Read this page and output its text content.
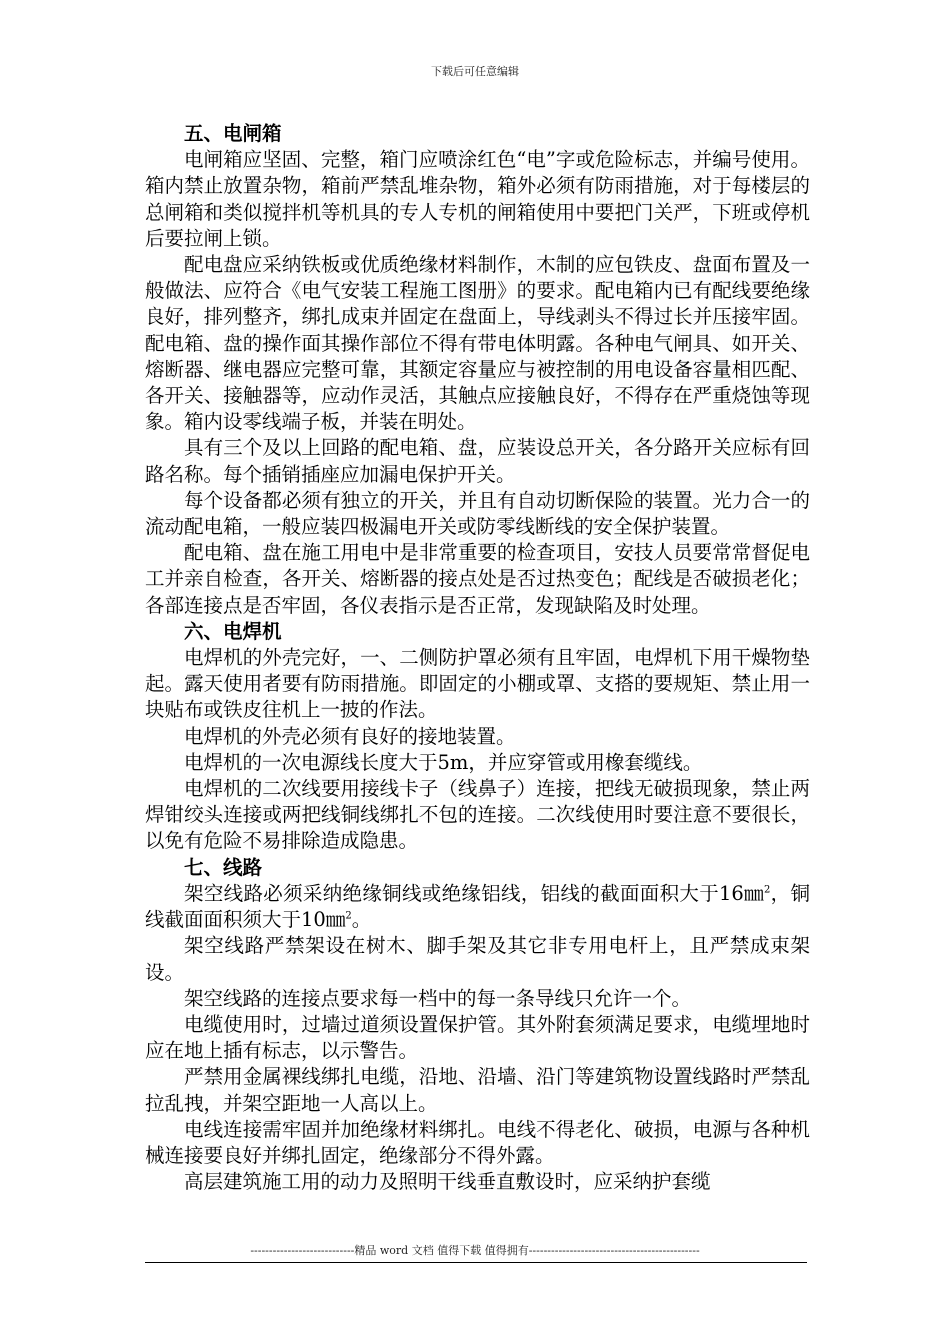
下载后可任意编辑
五、电闸箱

电闸箱应坚固、完整，箱门应喷涂红色“电”字或危险标志，并编号使用。箱内禁止放置杂物，箱前严禁乱堆杂物，箱外必须有防雨措施，对于每楼层的总闸箱和类似搅拌机等机具的专人专机的闸箱使用中要把门关严，下班或停机后要拉闸上锁。

配电盘应采纳铁板或优质绝缘材料制作，木制的应包铁皮、盘面布置及一般做法、应符合《电气安装工程施工图册》的要求。配电箱内已有配线要绝缘良好，排列整齐，绑扎成束并固定在盘面上，导线剥头不得过长并压接牢固。配电箱、盘的操作面其操作部位不得有带电体明露。各种电气闸具、如开关、熔断器、继电器应完整可靠，其额定容量应与被控制的用电设备容量相匹配、各开关、接触器等，应动作灵活，其触点应接触良好，不得存在严重烧蚀等现象。箱内设零线端子板，并装在明处。

具有三个及以上回路的配电箱、盘，应装设总开关，各分路开关应标有回路名称。每个插销插座应加漏电保护开关。

每个设备都必须有独立的开关，并且有自动切断保险的装置。光力合一的流动配电箱，一般应装四极漏电开关或防零线断线的安全保护装置。

配电箱、盘在施工用电中是非常重要的检查项目，安技人员要常常督促电工并亲自检查，各开关、熔断器的接点处是否过热变色；配线是否破损老化；各部连接点是否牢固，各仪表指示是否正常，发现缺陷及时处理。

六、电焊机

电焊机的外壳完好，一、二侧防护罩必须有且牢固，电焊机下用干燥物垫起。露天使用者要有防雨措施。即固定的小棚或罩、支搭的要规矩、禁止用一块贴布或铁皮往机上一披的作法。

电焊机的外壳必须有良好的接地装置。

电焊机的一次电源线长度大于5m，并应穿管或用橡套缆线。

电焊机的二次线要用接线卡子（线鼻子）连接，把线无破损现象，禁止两焊钳绞头连接或两把线铜线绑扎不包的连接。二次线使用时要注意不要很长，以免有危险不易排除造成隐患。

七、线路

架空线路必须采纳绝缘铜线或绝缘铝线，铝线的截面面积大于16㎜$^2$，铜线截面面积须大于10㎜$^2$。

架空线路严禁架设在树木、脚手架及其它非专用电杆上，且严禁成束架设。

架空线路的连接点要求每一档中的每一条导线只允许一个。

电缆使用时，过墙过道须设置保护管。其外附套须满足要求，电缆埋地时应在地上插有标志，以示警告。

严禁用金属裸线绑扎电缆，沿地、沿墙、沿门等建筑物设置线路时严禁乱拉乱拽，并架空距地一人高以上。

电线连接需牢固并加绝缘材料绑扎。电线不得老化、破损，电源与各种机械连接要良好并绑扎固定，绝缘部分不得外露。

高层建筑施工用的动力及照明干线垂直敷设时，应采纳护套缆

----------------------------精品 word 文档 值得下载 值得拥有----------------------------------------------
